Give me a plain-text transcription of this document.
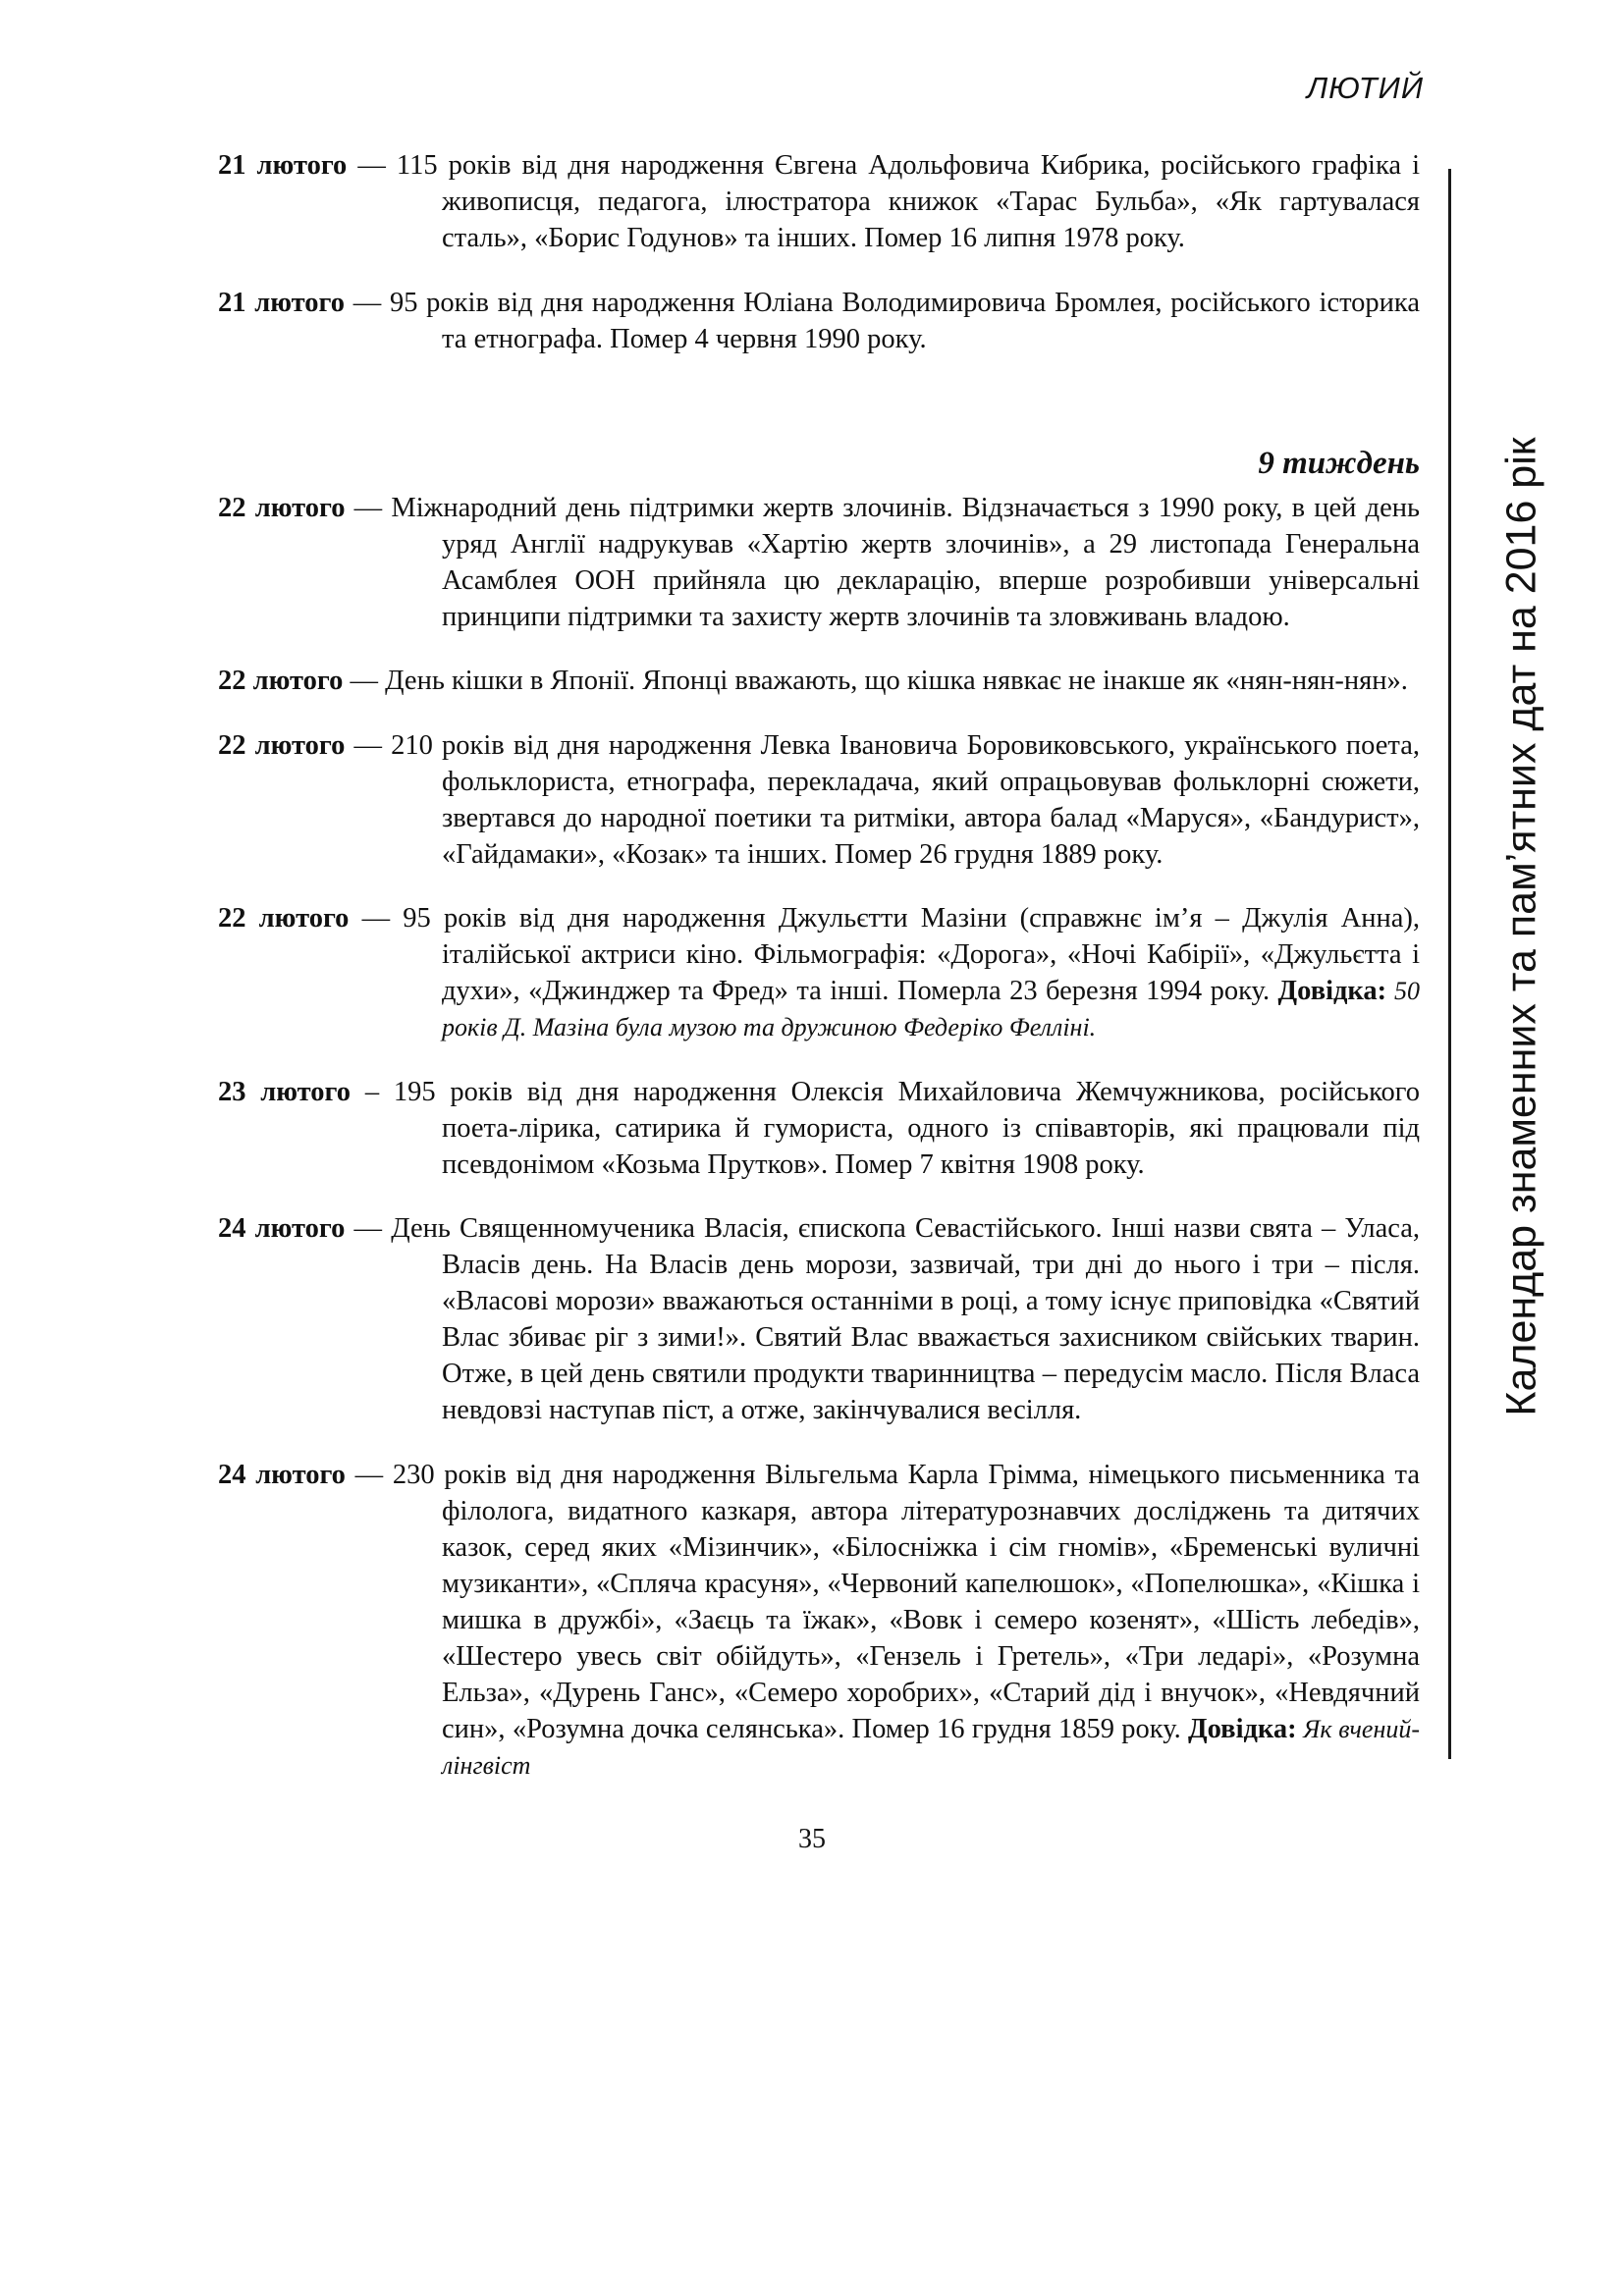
ЛЮТИЙ
Календар знаменних та пам’ятних дат на 2016 рік

21 лютого — 115 років від дня народження Євгена Адольфовича Кибрика, російського графіка і живописця, педагога, ілюстратора книжок «Тарас Бульба», «Як гартувалася сталь», «Борис Годунов» та інших. Помер 16 липня 1978 року.

21 лютого — 95 років від дня народження Юліана Володимировича Бромлея, російського історика та етнографа. Помер 4 червня 1990 року.

9 тиждень

22 лютого — Міжнародний день підтримки жертв злочинів. Відзначається з 1990 року, в цей день уряд Англії надрукував «Хартію жертв злочинів», а 29 листопада Генеральна Асамблея ООН прийняла цю декларацію, вперше розробивши універсальні принципи підтримки та захисту жертв злочинів та зловживань владою.

22 лютого — День кішки в Японії. Японці вважають, що кішка нявкає не інакше як «нян-нян-нян».

22 лютого — 210 років від дня народження Левка Івановича Боровиковського, українського поета, фольклориста, етнографа, перекладача, який опрацьовував фольклорні сюжети, звертався до народної поетики та ритміки, автора балад «Маруся», «Бандурист», «Гайдамаки», «Козак» та інших. Помер 26 грудня 1889 року.

22 лютого — 95 років від дня народження Джульєтти Мазіни (справжнє ім’я – Джулія Анна), італійської актриси кіно. Фільмографія: «Дорога», «Ночі Кабірії», «Джульєтта і духи», «Джинджер та Фред» та інші. Померла 23 березня 1994 року. Довідка: 50 років Д. Мазіна була музою та дружиною Федеріко Фелліні.

23 лютого – 195 років від дня народження Олексія Михайловича Жемчужникова, російського поета-лірика, сатирика й гумориста, одного із співавторів, які працювали під псевдонімом «Козьма Прутков». Помер 7 квітня 1908 року.

24 лютого — День Священномученика Власія, єпископа Севастійського. Інші назви свята – Уласа, Власів день. На Власів день морози, зазвичай, три дні до нього і три – після. «Власові морози» вважаються останніми в році, а тому існує приповідка «Святий Влас збиває ріг з зими!». Святий Влас вважається захисником свійських тварин. Отже, в цей день святили продукти тваринництва – передусім масло. Після Власа невдовзі наступав піст, а отже, закінчувалися весілля.

24 лютого — 230 років від дня народження Вільгельма Карла Грімма, німецького письменника та філолога, видатного казкаря, автора літературознавчих досліджень та дитячих казок, серед яких «Мізинчик», «Білосніжка і сім гномів», «Бременські вуличні музиканти», «Спляча красуня», «Червоний капелюшок», «Попелюшка», «Кішка і мишка в дружбі», «Заєць та їжак», «Вовк і семеро козенят», «Шість лебедів», «Шестеро увесь світ обійдуть», «Гензель і Гретель», «Три ледарі», «Розумна Ельза», «Дурень Ганс», «Семеро хоробрих», «Старий дід і внучок», «Невдячний син», «Розумна дочка селянська». Помер 16 грудня 1859 року. Довідка: Як вчений-лінгвіст

35
